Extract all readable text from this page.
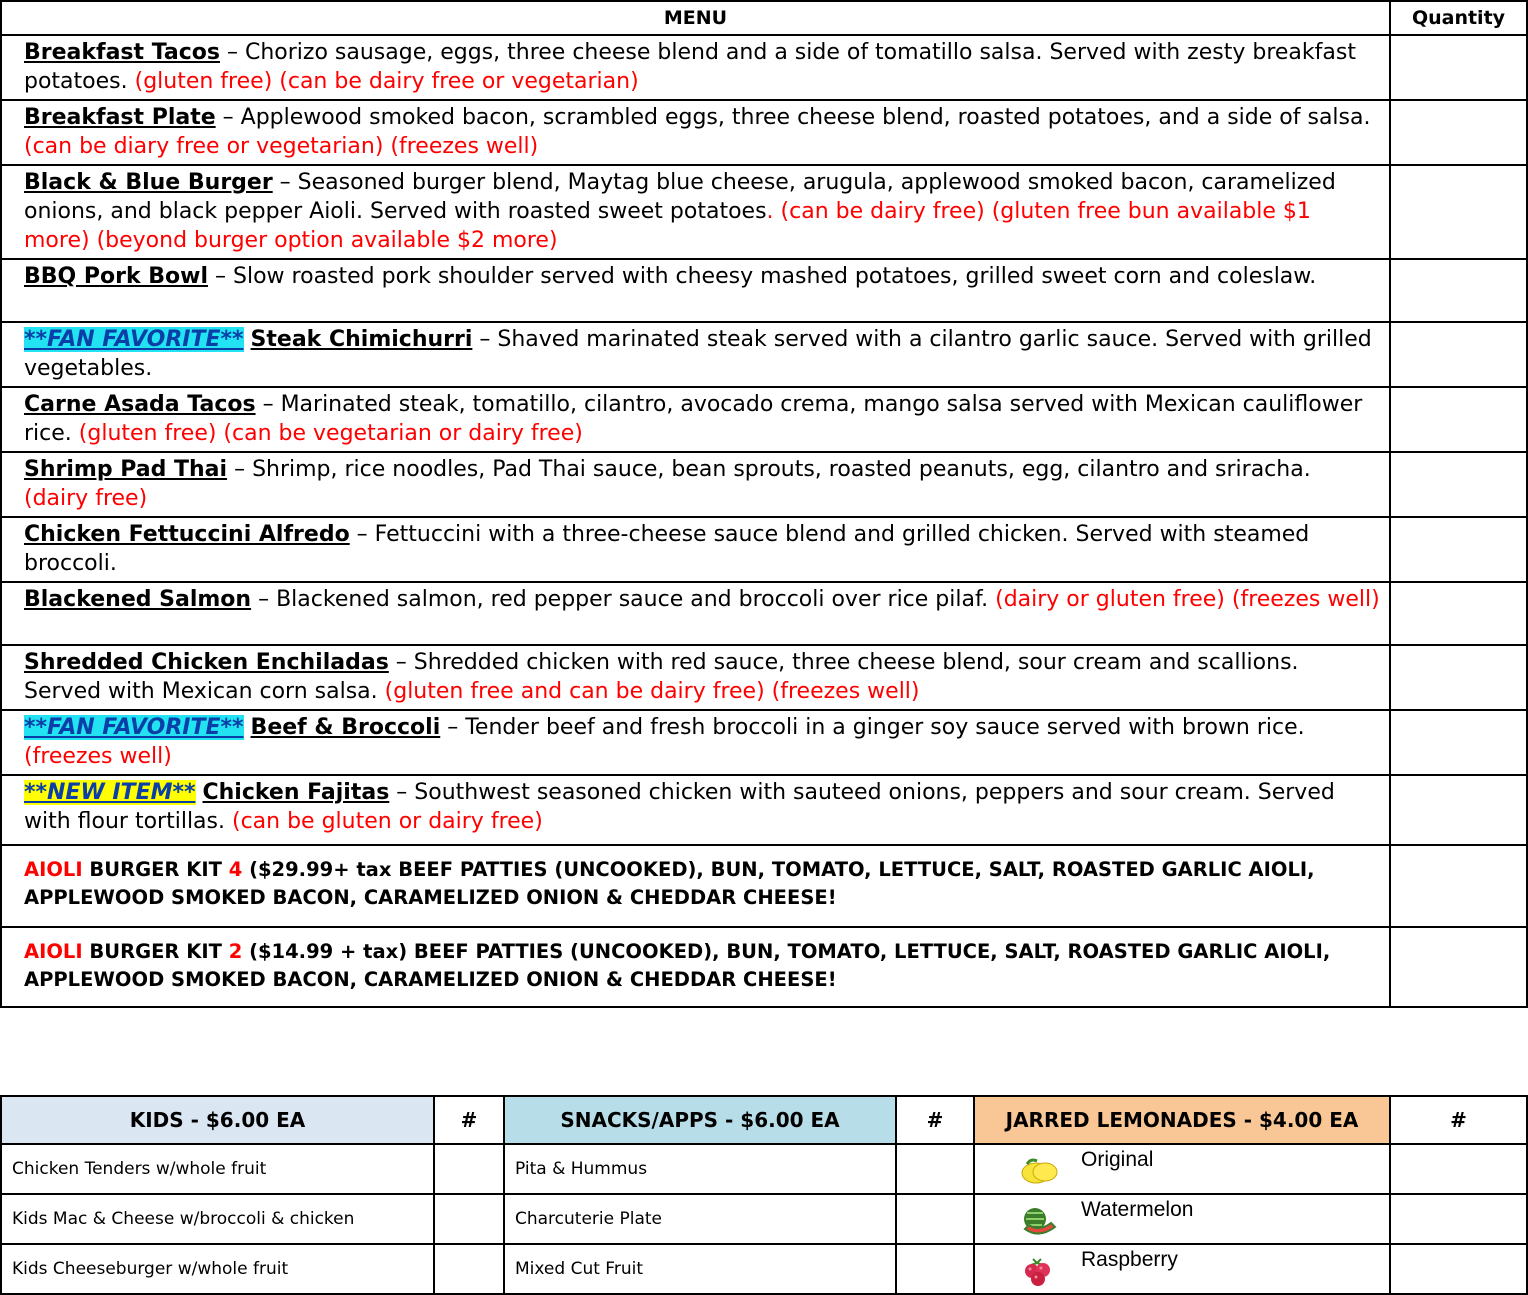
MENU	Quantity
Breakfast Tacos – Chorizo sausage, eggs, three cheese blend and a side of tomatillo salsa. Served with zesty breakfast potatoes. (gluten free) (can be dairy free or vegetarian)	
Breakfast Plate – Applewood smoked bacon, scrambled eggs, three cheese blend, roasted potatoes, and a side of salsa. (can be diary free or vegetarian) (freezes well)	
Black & Blue Burger – Seasoned burger blend, Maytag blue cheese, arugula, applewood smoked bacon, caramelized onions, and black pepper Aioli. Served with roasted sweet potatoes. (can be dairy free) (gluten free bun available $1 more) (beyond burger option available $2 more)	
BBQ Pork Bowl – Slow roasted pork shoulder served with cheesy mashed potatoes, grilled sweet corn and coleslaw.	
**FAN FAVORITE** Steak Chimichurri – Shaved marinated steak served with a cilantro garlic sauce. Served with grilled vegetables.	
Carne Asada Tacos – Marinated steak, tomatillo, cilantro, avocado crema, mango salsa served with Mexican cauliflower rice. (gluten free) (can be vegetarian or dairy free)	
Shrimp Pad Thai – Shrimp, rice noodles, Pad Thai sauce, bean sprouts, roasted peanuts, egg, cilantro and sriracha. (dairy free)	
Chicken Fettuccini Alfredo – Fettuccini with a three-cheese sauce blend and grilled chicken. Served with steamed broccoli.	
Blackened Salmon – Blackened salmon, red pepper sauce and broccoli over rice pilaf. (dairy or gluten free) (freezes well)	
Shredded Chicken Enchiladas – Shredded chicken with red sauce, three cheese blend, sour cream and scallions. Served with Mexican corn salsa. (gluten free and can be dairy free) (freezes well)	
**FAN FAVORITE** Beef & Broccoli – Tender beef and fresh broccoli in a ginger soy sauce served with brown rice. (freezes well)	
**NEW ITEM** Chicken Fajitas – Southwest seasoned chicken with sauteed onions, peppers and sour cream. Served with flour tortillas. (can be gluten or dairy free)	
AIOLI BURGER KIT 4 ($29.99+ tax BEEF PATTIES (UNCOOKED), BUN, TOMATO, LETTUCE, SALT, ROASTED GARLIC AIOLI, APPLEWOOD SMOKED BACON, CARAMELIZED ONION & CHEDDAR CHEESE!	
AIOLI BURGER KIT 2 ($14.99 + tax) BEEF PATTIES (UNCOOKED), BUN, TOMATO, LETTUCE, SALT, ROASTED GARLIC AIOLI, APPLEWOOD SMOKED BACON, CARAMELIZED ONION & CHEDDAR CHEESE!	
KIDS - $6.00 EA	#	SNACKS/APPS - $6.00 EA	#	JARRED LEMONADES - $4.00 EA	#
Chicken Tenders w/whole fruit		Pita & Hummus		Original	
Kids Mac & Cheese w/broccoli & chicken		Charcuterie Plate		Watermelon	
Kids Cheeseburger w/whole fruit		Mixed Cut Fruit		Raspberry	
